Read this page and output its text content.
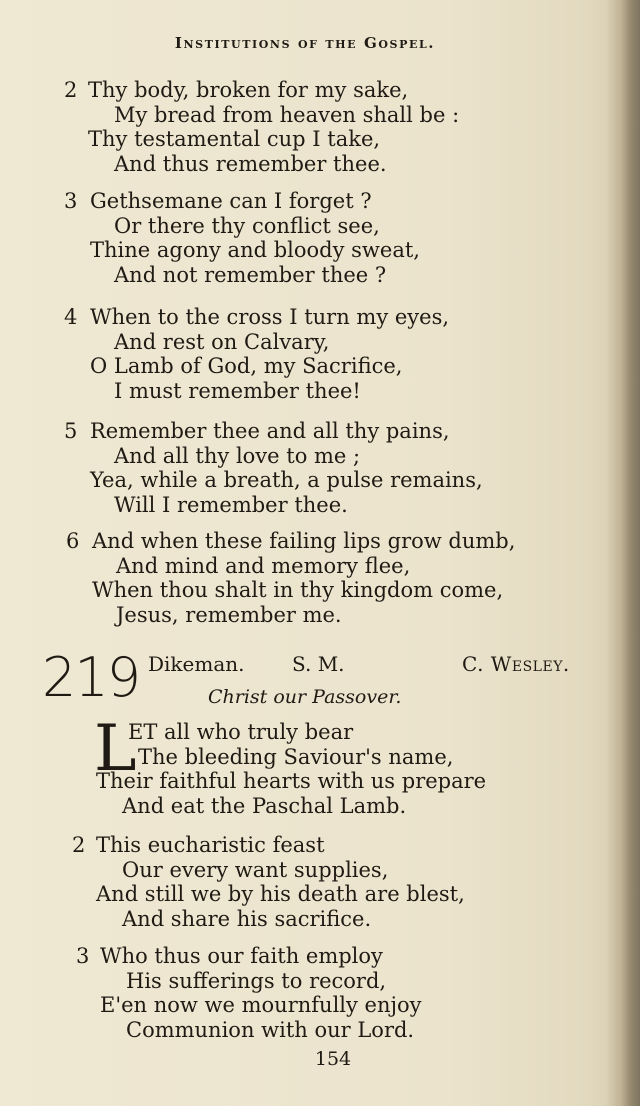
Institutions of the Gospel.
2 Thy body, broken for my sake,
My bread from heaven shall be :
Thy testamental cup I take,
And thus remember thee.
3 Gethsemane can I forget ?
Or there thy conflict see,
Thine agony and bloody sweat,
And not remember thee ?
4 When to the cross I turn my eyes,
And rest on Calvary,
O Lamb of God, my Sacrifice,
I must remember thee!
5 Remember thee and all thy pains,
And all thy love to me ;
Yea, while a breath, a pulse remains,
Will I remember thee.
6 And when these failing lips grow dumb,
And mind and memory flee,
When thou shalt in thy kingdom come,
Jesus, remember me.
219 Dikeman. S. M.	C. Wesley.
Christ our Passover.
L
ET all who truly bear
The bleeding Saviour's name,
Their faithful hearts with us prepare
And eat the Paschal Lamb.
2 This eucharistic feast
Our every want supplies,
And still we by his death are blest,
And share his sacrifice.
3 Who thus our faith employ
His sufferings to record,
E'en now we mournfully enjoy
Communion with our Lord.
154
